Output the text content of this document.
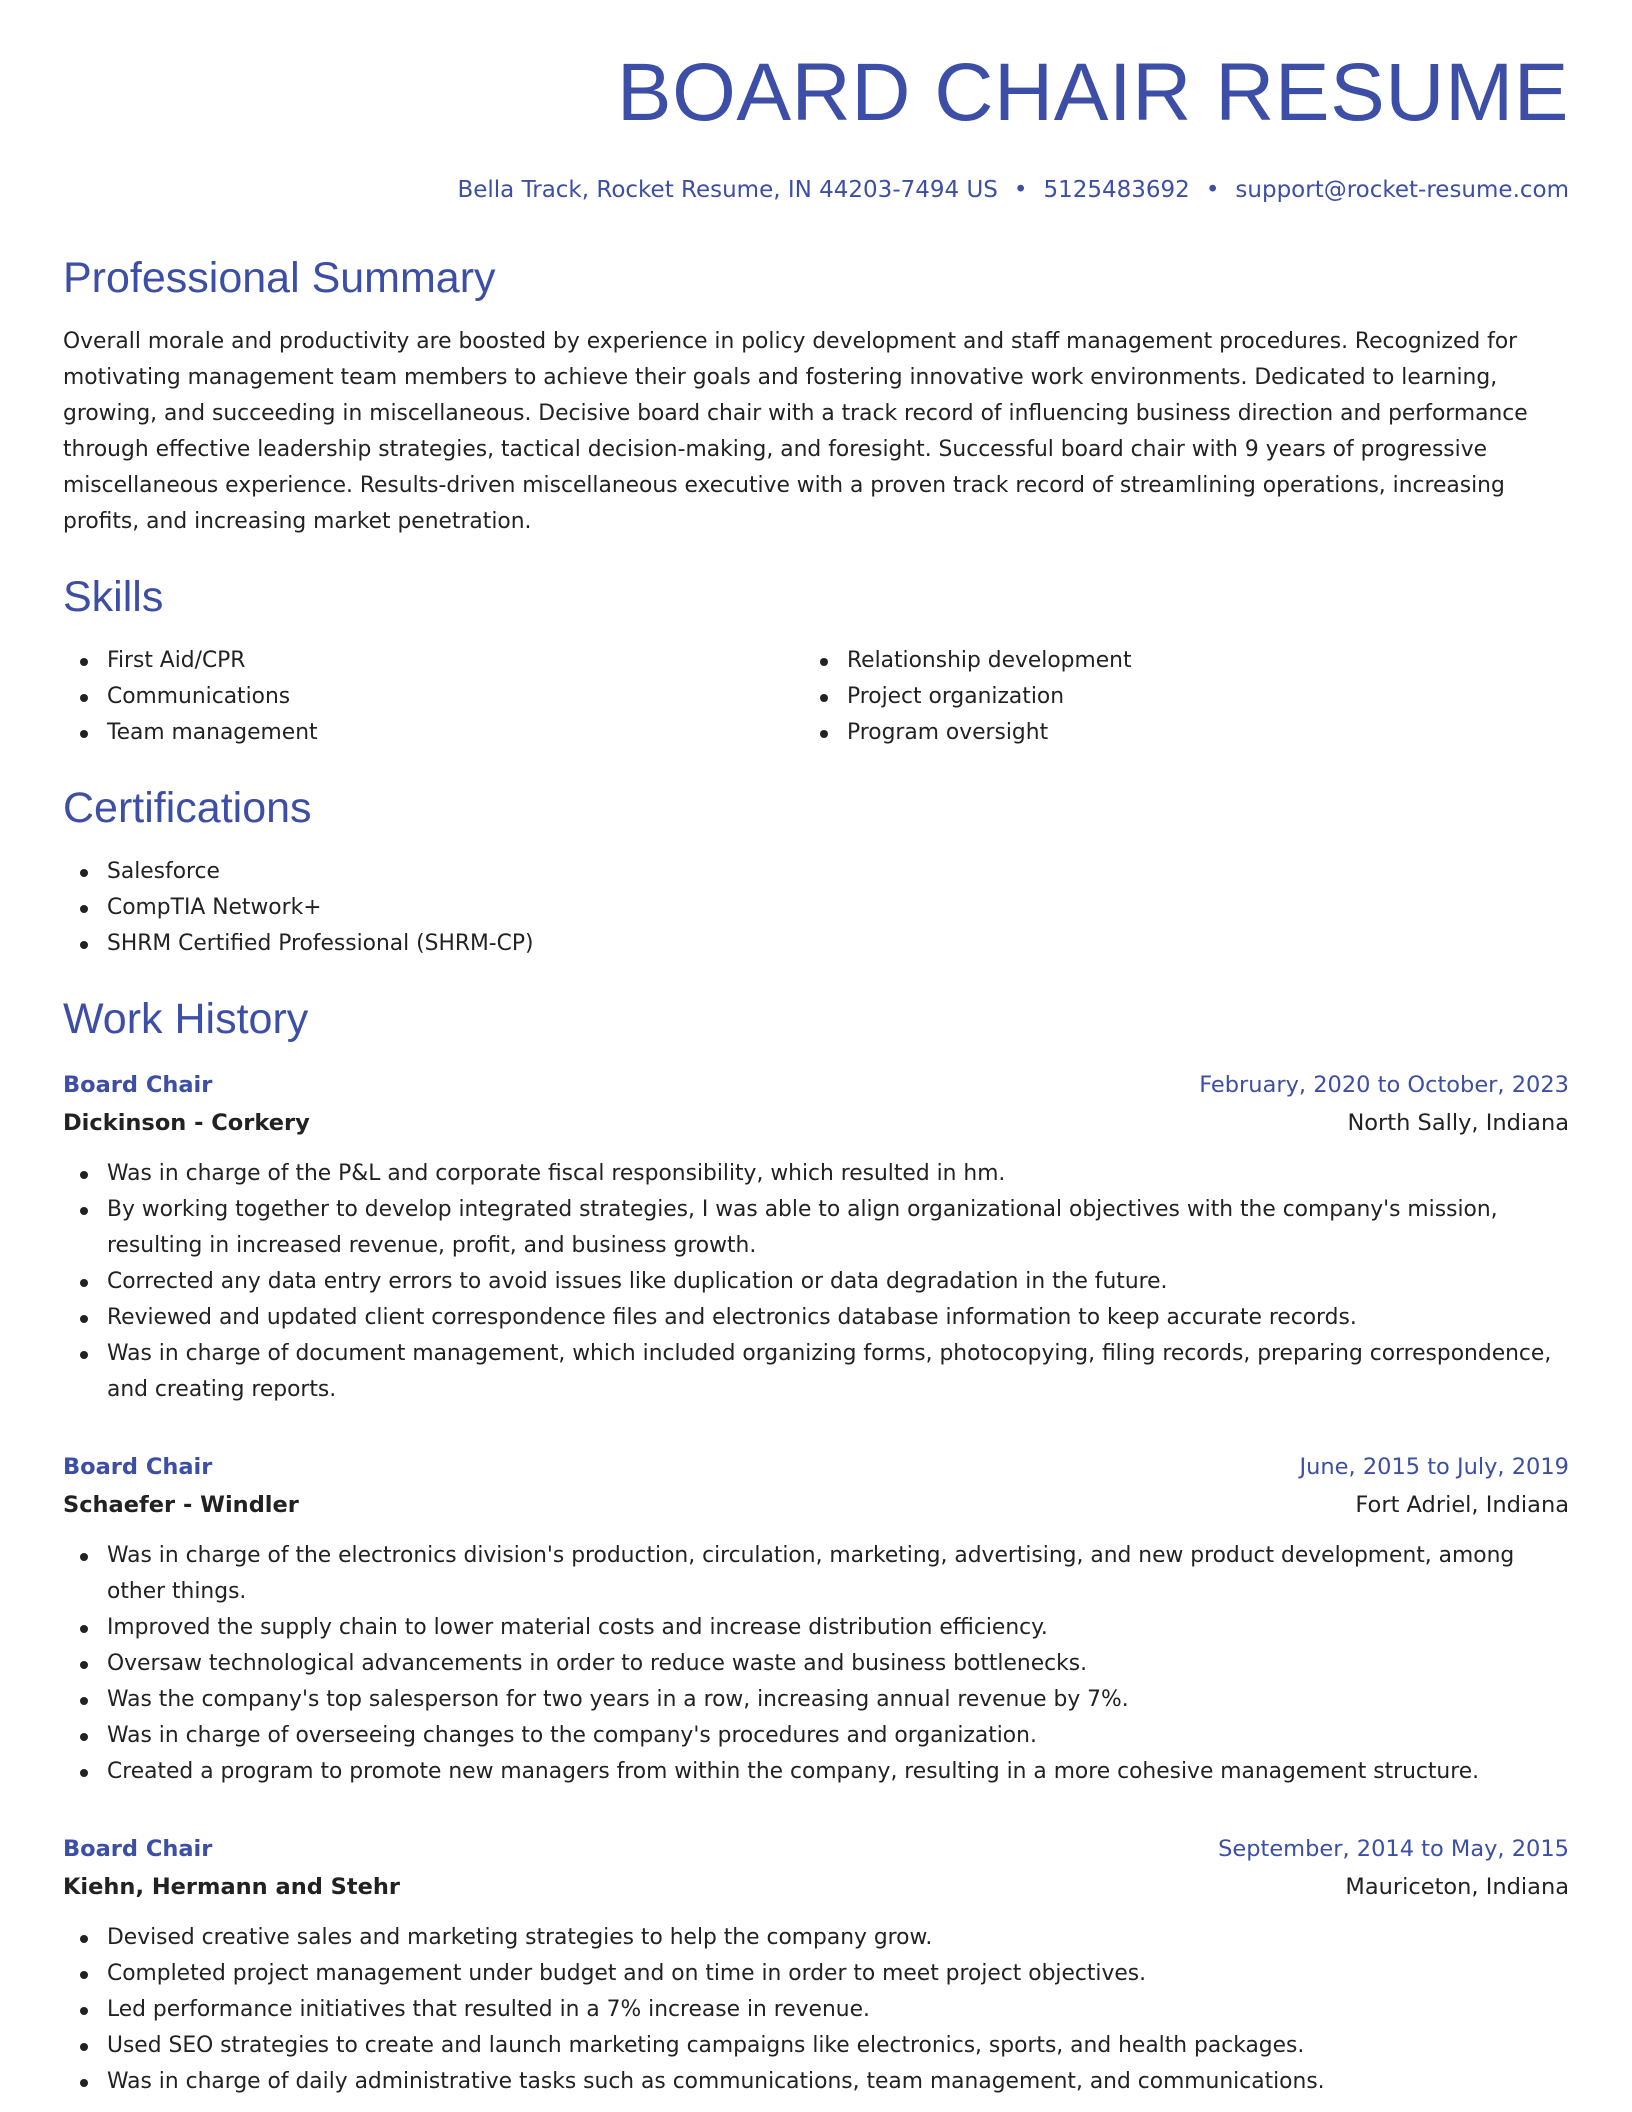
BOARD CHAIR RESUME
Bella Track, Rocket Resume, IN 44203-7494 US • 5125483692 • support@rocket-resume.com
Professional Summary
Overall morale and productivity are boosted by experience in policy development and staff management procedures. Recognized for motivating management team members to achieve their goals and fostering innovative work environments. Dedicated to learning, growing, and succeeding in miscellaneous. Decisive board chair with a track record of influencing business direction and performance through effective leadership strategies, tactical decision-making, and foresight. Successful board chair with 9 years of progressive miscellaneous experience. Results-driven miscellaneous executive with a proven track record of streamlining operations, increasing profits, and increasing market penetration.
Skills
First Aid/CPR
Communications
Team management
Relationship development
Project organization
Program oversight
Certifications
Salesforce
CompTIA Network+
SHRM Certified Professional (SHRM-CP)
Work History
Board Chair	February, 2020 to October, 2023
Dickinson - Corkery	North Sally, Indiana
Was in charge of the P&L and corporate fiscal responsibility, which resulted in hm.
By working together to develop integrated strategies, I was able to align organizational objectives with the company's mission, resulting in increased revenue, profit, and business growth.
Corrected any data entry errors to avoid issues like duplication or data degradation in the future.
Reviewed and updated client correspondence files and electronics database information to keep accurate records.
Was in charge of document management, which included organizing forms, photocopying, filing records, preparing correspondence, and creating reports.
Board Chair	June, 2015 to July, 2019
Schaefer - Windler	Fort Adriel, Indiana
Was in charge of the electronics division's production, circulation, marketing, advertising, and new product development, among other things.
Improved the supply chain to lower material costs and increase distribution efficiency.
Oversaw technological advancements in order to reduce waste and business bottlenecks.
Was the company's top salesperson for two years in a row, increasing annual revenue by 7%.
Was in charge of overseeing changes to the company's procedures and organization.
Created a program to promote new managers from within the company, resulting in a more cohesive management structure.
Board Chair	September, 2014 to May, 2015
Kiehn, Hermann and Stehr	Mauriceton, Indiana
Devised creative sales and marketing strategies to help the company grow.
Completed project management under budget and on time in order to meet project objectives.
Led performance initiatives that resulted in a 7% increase in revenue.
Used SEO strategies to create and launch marketing campaigns like electronics, sports, and health packages.
Was in charge of daily administrative tasks such as communications, team management, and communications.
